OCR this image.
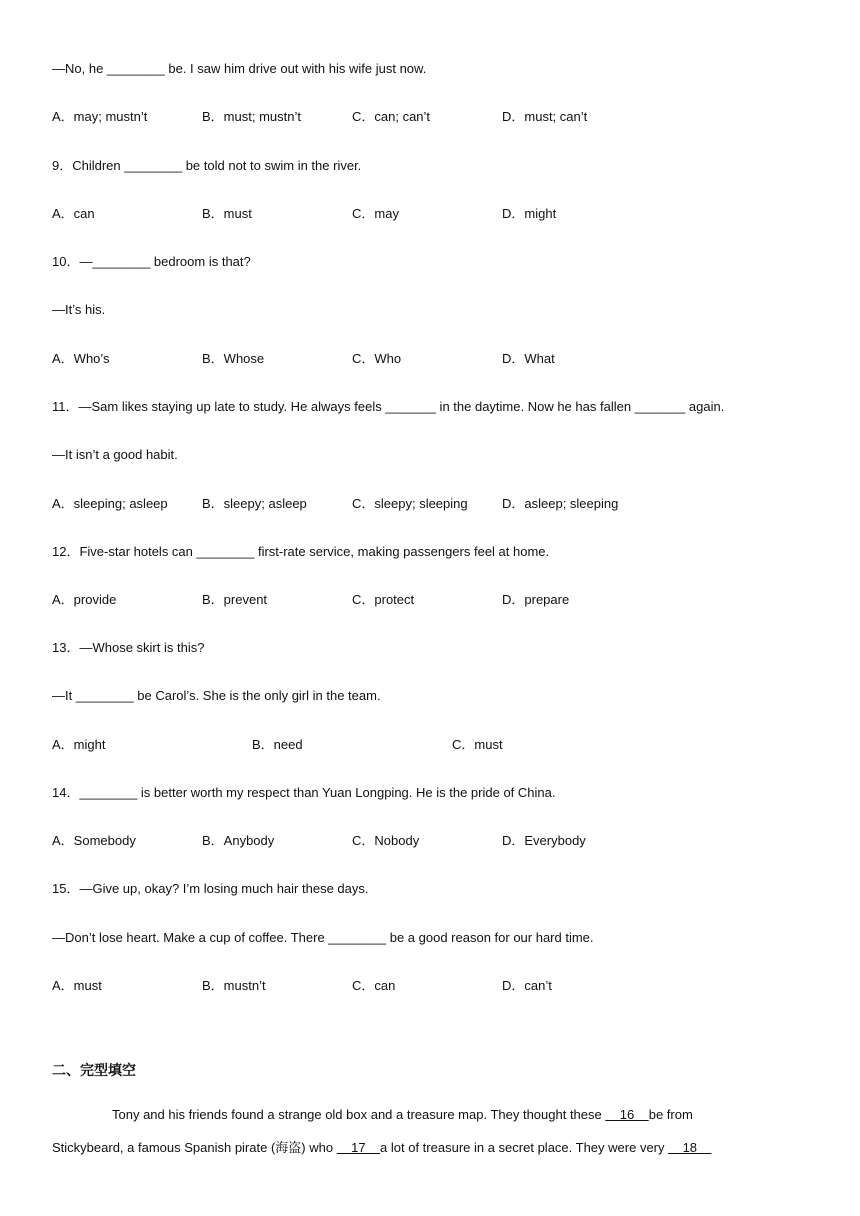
—No, he ________ be. I saw him drive out with his wife just now.

A．may; mustn’t

	B．must; mustn’t

	C．can; can’t

	D．must; can’t

9．Children ________ be told not to swim in the river.

A．can

	B．must

	C．may

	D．might

10．—________ bedroom is that?
—It’s his.

A．Who’s

	B．Whose

	C．Who

	D．What

11．—Sam likes staying up late to study. He always feels _______ in the daytime. Now he has fallen _______ again.
—It isn’t a good habit.

A．sleeping; asleep

	B．sleepy; asleep

	C．sleepy; sleeping

	D．asleep; sleeping

12．Five-star hotels can ________ first-rate service, making passengers feel at home.

A．provide

	B．prevent

	C．protect

	D．prepare

13．—Whose skirt is this?
—It ________ be Carol’s. She is the only girl in the team.

A．might

	B．need

	C．must

14．________ is better worth my respect than Yuan Longping. He is the pride of China.

A．Somebody

	B．Anybody

	C．Nobody

	D．Everybody

15．—Give up, okay? I’m losing much hair these days.
—Don’t lose heart. Make a cup of coffee. There ________ be a good reason for our hard time.

A．must

	B．mustn’t

	C．can

	D．can’t

二、完型填空
Tony and his friends found a strange old box and a treasure map. They thought these     16    be from
Stickybeard, a famous Spanish pirate (海盗) who     17    a lot of treasure in a secret place. They were very     18
